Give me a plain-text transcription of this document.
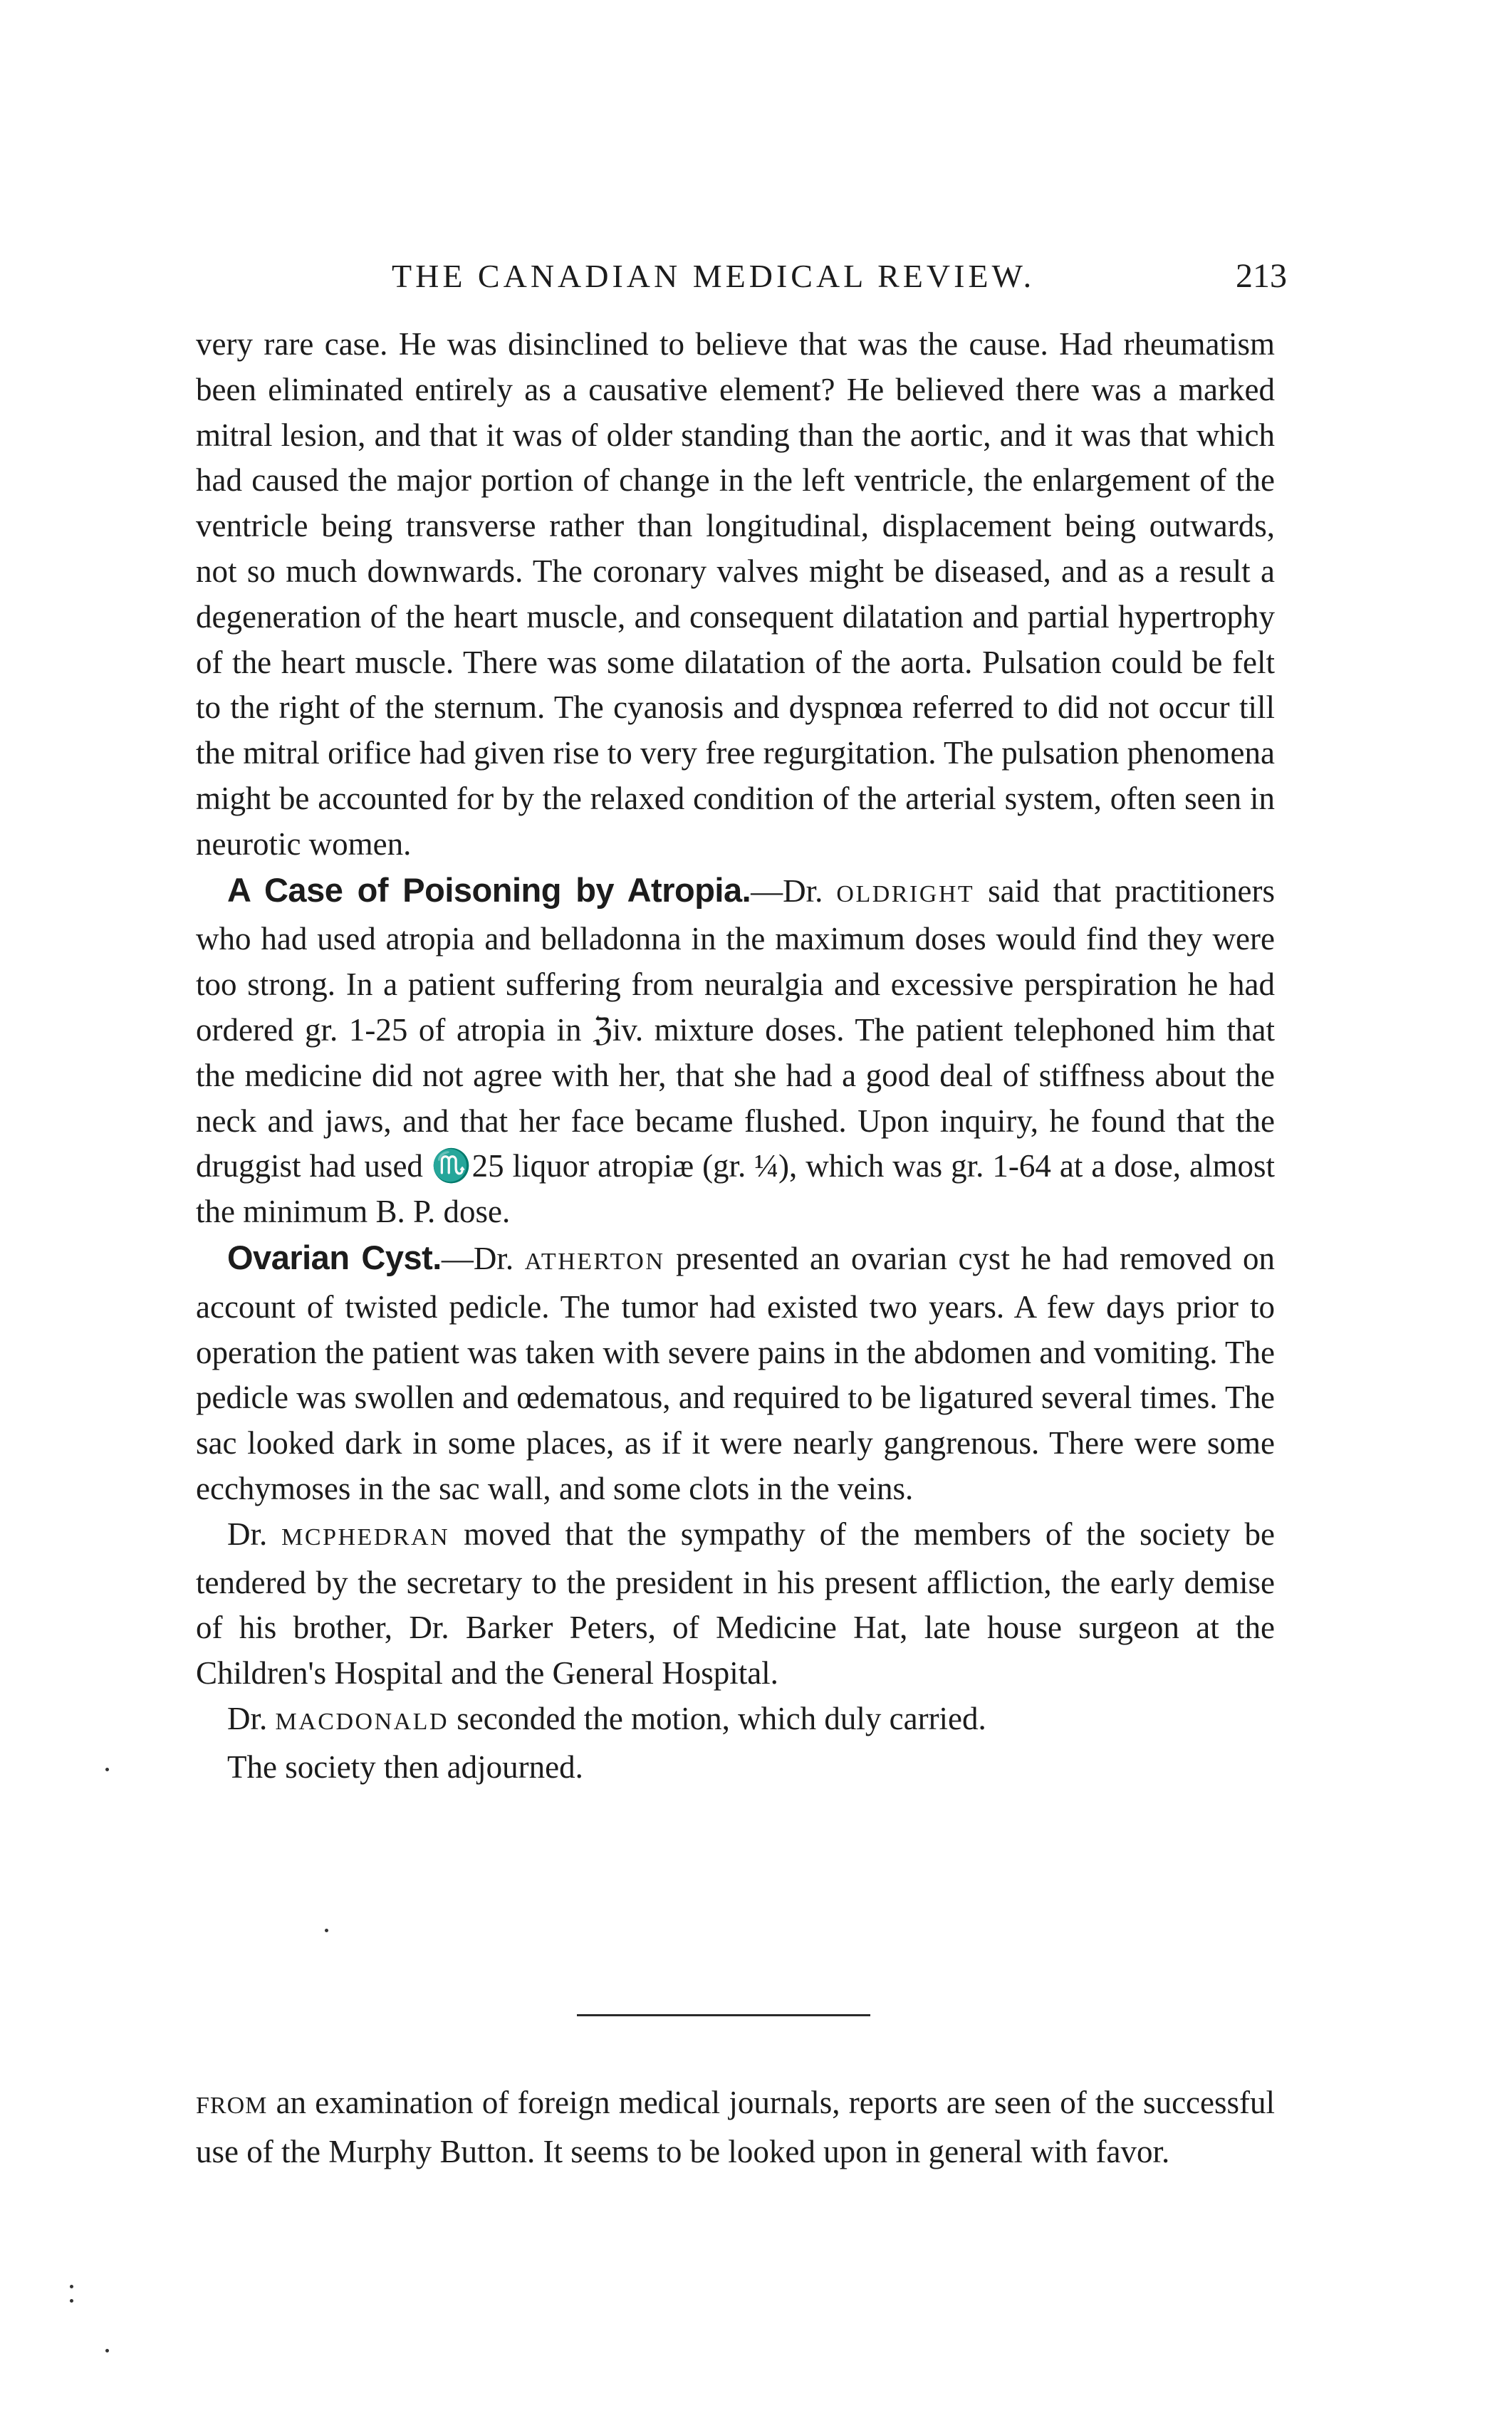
THE CANADIAN MEDICAL REVIEW.	213

very rare case. He was disinclined to believe that was the cause. Had rheumatism been eliminated entirely as a causative element? He believed there was a marked mitral lesion, and that it was of older standing than the aortic, and it was that which had caused the major portion of change in the left ventricle, the enlargement of the ventricle being transverse rather than longitudinal, displacement being outwards, not so much downwards. The coronary valves might be diseased, and as a result a degeneration of the heart muscle, and consequent dilatation and partial hypertrophy of the heart muscle. There was some dilatation of the aorta. Pulsation could be felt to the right of the sternum. The cyanosis and dyspnœa referred to did not occur till the mitral orifice had given rise to very free regurgitation. The pulsation phenomena might be accounted for by the relaxed condition of the arterial system, often seen in neurotic women.

A Case of Poisoning by Atropia.—Dr. OLDRIGHT said that practitioners who had used atropia and belladonna in the maximum doses would find they were too strong. In a patient suffering from neuralgia and excessive perspiration he had ordered gr. 1-25 of atropia in ℨiv. mixture doses. The patient telephoned him that the medicine did not agree with her, that she had a good deal of stiffness about the neck and jaws, and that her face became flushed. Upon inquiry, he found that the druggist had used ♏25 liquor atropiæ (gr. ¼), which was gr. 1-64 at a dose, almost the minimum B. P. dose.

Ovarian Cyst.—Dr. ATHERTON presented an ovarian cyst he had removed on account of twisted pedicle. The tumor had existed two years. A few days prior to operation the patient was taken with severe pains in the abdomen and vomiting. The pedicle was swollen and œdematous, and required to be ligatured several times. The sac looked dark in some places, as if it were nearly gangrenous. There were some ecchymoses in the sac wall, and some clots in the veins.

Dr. MCPHEDRAN moved that the sympathy of the members of the society be tendered by the secretary to the president in his present affliction, the early demise of his brother, Dr. Barker Peters, of Medicine Hat, late house surgeon at the Children's Hospital and the General Hospital.

Dr. MACDONALD seconded the motion, which duly carried.

The society then adjourned.

FROM an examination of foreign medical journals, reports are seen of the successful use of the Murphy Button. It seems to be looked upon in general with favor.
